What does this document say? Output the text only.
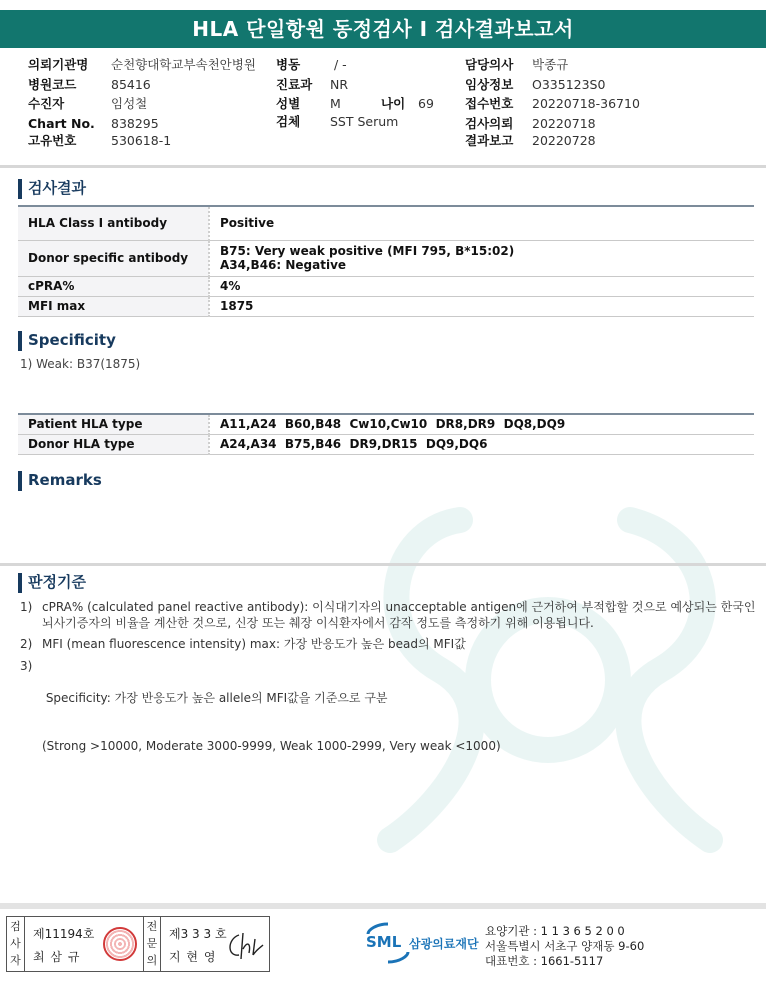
HLA 단일항원 동정검사 I 검사결과보고서
의뢰기관명 순천향대학교부속천안병원
병원코드	85416
수진자	임성철
Chart No. 838295
고유번호	530618-1
병동	/ -
진료과 NR
성별 M	나이 69
검체 SST Serum
담당의사 박종규
임상정보 O335123S0
접수번호 20220718-36710
검사의뢰 20220718
결과보고 20220728
검사결과
HLA Class I antibody	Positive
Donor specific antibody	B75: Very weak positive (MFI 795, B*15:02)
A34,B46: Negative

cPRA%	4%
MFI max	1875
Specificity
1) Weak: B37(1875)
Patient HLA type	A11,A24  B60,B48  Cw10,Cw10  DR8,DR9  DQ8,DQ9
Donor HLA type	A24,A34  B75,B46  DR9,DR15  DQ9,DQ6
Remarks
판정기준
1) cPRA% (calculated panel reactive antibody): 이식대기자의 unacceptable antigen에 근거하여 부적합할 것으로 예상되는 한국인
뇌사기증자의 비율을 계산한 것으로, 신장 또는 췌장 이식환자에서 감작 정도를 측정하기 위해 이용됩니다.
2) MFI (mean fluorescence intensity) max: 가장 반응도가 높은 bead의 MFI값
3)

Specificity: 가장 반응도가 높은 allele의 MFI값을 기준으로 구분

(Strong >10000, Moderate 3000-9999, Weak 1000-2999, Very weak <1000)

검
사
자
제11194호
최 삼 규
전
문
의
제3 3 3 호
지 현 영
SML 삼광의료재단
요양기관 : 1 1 3 6 5 2 0 0
서울특별시 서초구 양재동 9-60
대표번호 : 1661-5117
